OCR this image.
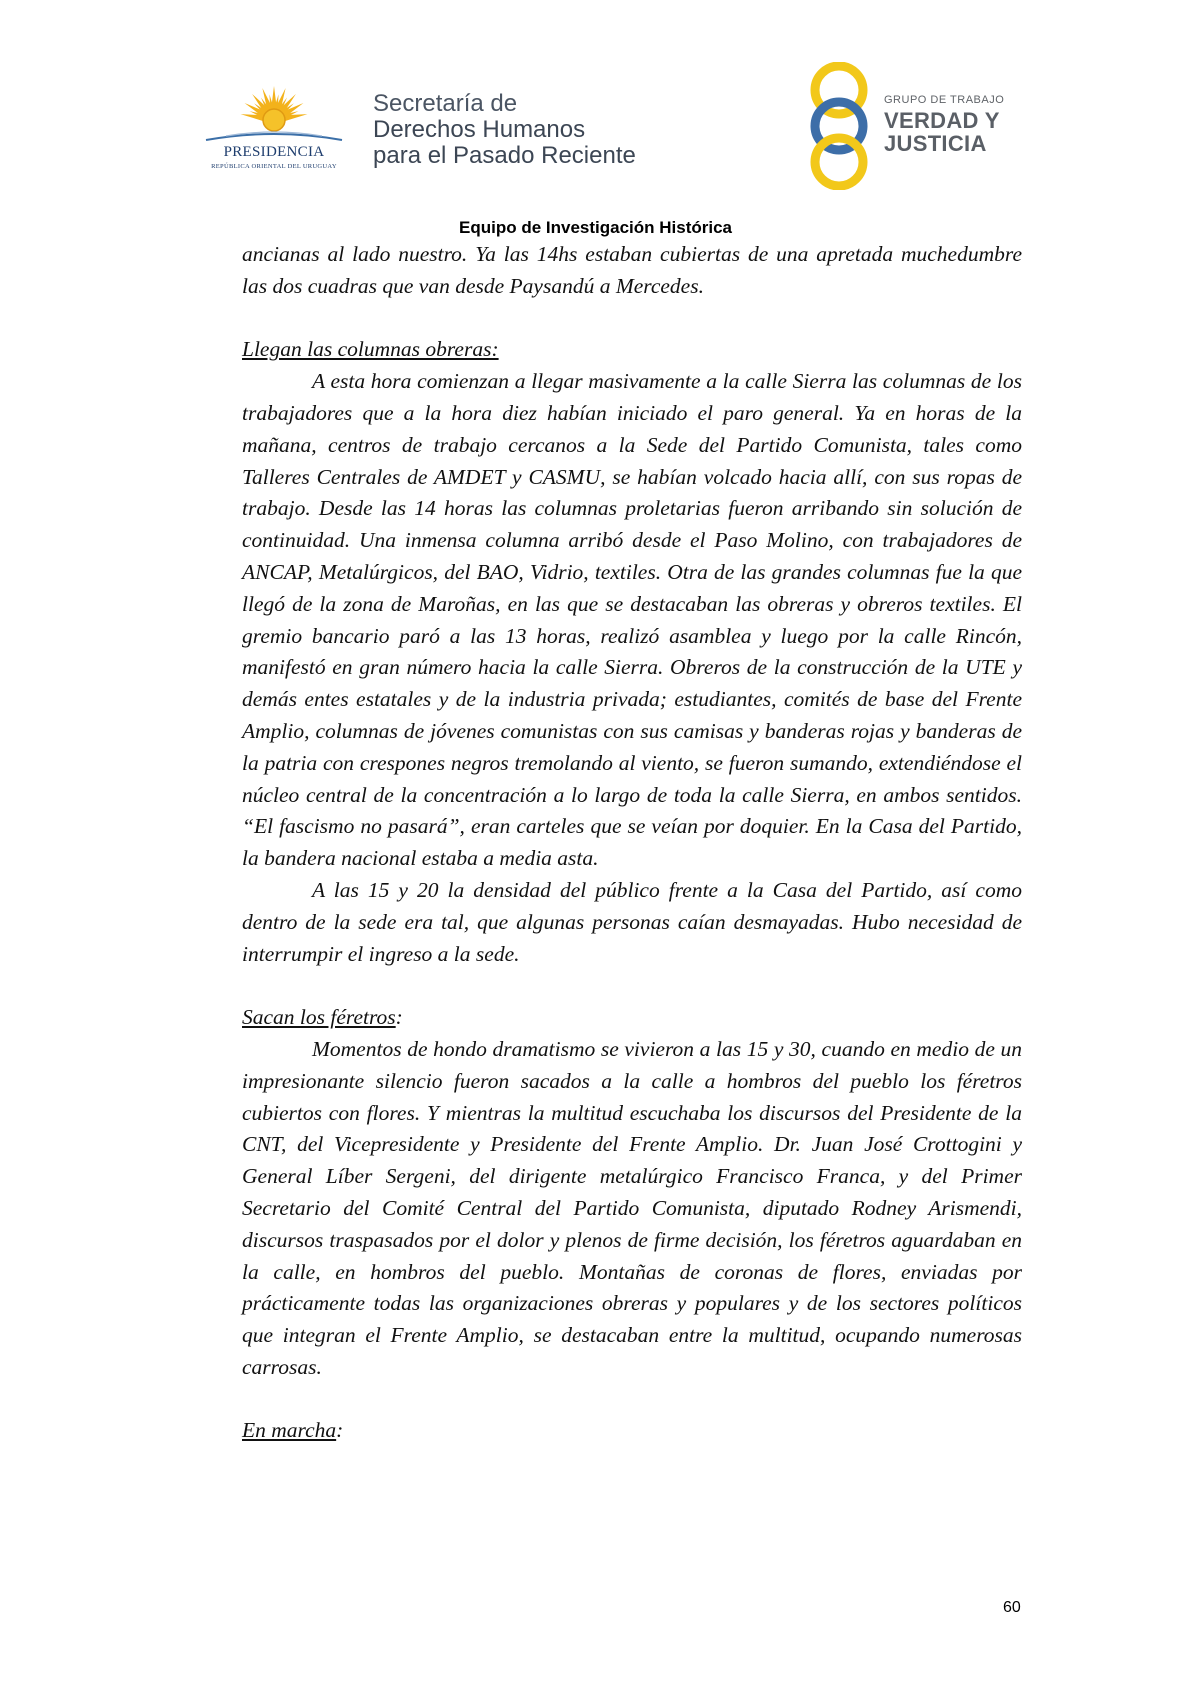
PRESIDENCIA
REPÚBLICA ORIENTAL DEL URUGUAY
Secretaría de
Derechos Humanos
para el Pasado Reciente
GRUPO DE TRABAJO
VERDAD Y
JUSTICIA
Equipo de Investigación Histórica

ancianas al lado nuestro. Ya las 14hs estaban cubiertas de una apretada muchedumbre las dos cuadras que van desde Paysandú a Mercedes.

Llegan las columnas obreras:

A esta hora comienzan a llegar masivamente a la calle Sierra las columnas de los trabajadores que a la hora diez habían iniciado el paro general. Ya en horas de la mañana, centros de trabajo cercanos a la Sede del Partido Comunista, tales como Talleres Centrales de AMDET y CASMU, se habían volcado hacia allí, con sus ropas de trabajo. Desde las 14 horas las columnas proletarias fueron arribando sin solución de continuidad. Una inmensa columna arribó desde el Paso Molino, con trabajadores de ANCAP, Metalúrgicos, del BAO, Vidrio, textiles. Otra de las grandes columnas fue la que llegó de la zona de Maroñas, en las que se destacaban las obreras y obreros textiles. El gremio bancario paró a las 13 horas, realizó asamblea y luego por la calle Rincón, manifestó en gran número hacia la calle Sierra. Obreros de la construcción de la UTE y demás entes estatales y de la industria privada; estudiantes, comités de base del Frente Amplio, columnas de jóvenes comunistas con sus camisas y banderas rojas y banderas de la patria con crespones negros tremolando al viento, se fueron sumando, extendiéndose el núcleo central de la concentración a lo largo de toda la calle Sierra, en ambos sentidos. “El fascismo no pasará”, eran carteles que se veían por doquier. En la Casa del Partido, la bandera nacional estaba a media asta.

A las 15 y 20 la densidad del público frente a la Casa del Partido, así como dentro de la sede era tal, que algunas personas caían desmayadas. Hubo necesidad de interrumpir el ingreso a la sede.

Sacan los féretros:

Momentos de hondo dramatismo se vivieron a las 15 y 30, cuando en medio de un impresionante silencio fueron sacados a la calle a hombros del pueblo los féretros cubiertos con flores. Y mientras la multitud escuchaba los discursos del Presidente de la CNT, del Vicepresidente y Presidente del Frente Amplio. Dr. Juan José Crottogini y General Líber Sergeni, del dirigente metalúrgico Francisco Franca, y del Primer Secretario del Comité Central del Partido Comunista, diputado Rodney Arismendi, discursos traspasados por el dolor y plenos de firme decisión, los féretros aguardaban en la calle, en hombros del pueblo. Montañas de coronas de flores, enviadas por prácticamente todas las organizaciones obreras y populares y de los sectores políticos que integran el Frente Amplio, se destacaban entre la multitud, ocupando numerosas carrosas.

En marcha:

60
